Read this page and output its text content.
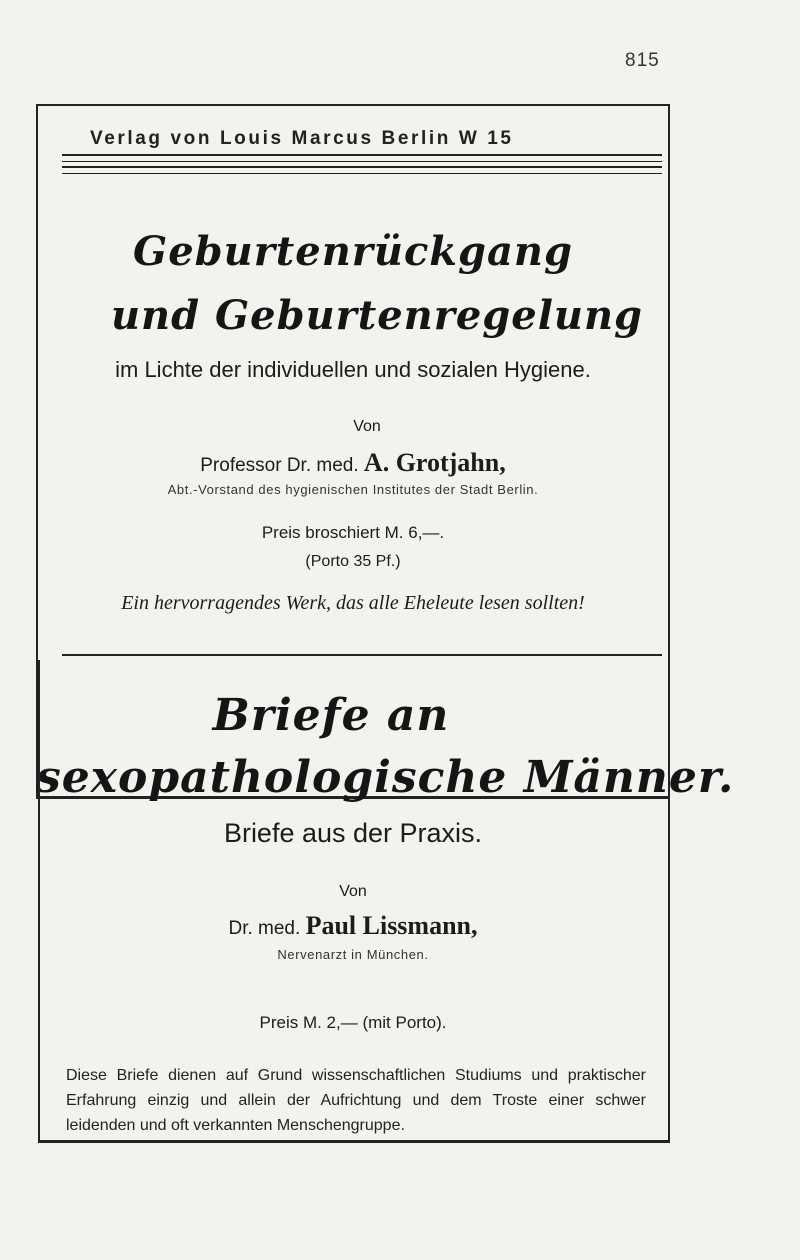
815
Verlag von Louis Marcus Berlin W 15
Geburtenrückgang
und Geburtenregelung
im Lichte der individuellen und sozialen Hygiene.
Von
Professor Dr. med. A. Grotjahn,
Abt.-Vorstand des hygienischen Institutes der Stadt Berlin.
Preis broschiert M. 6,—.
(Porto 35 Pf.)
Ein hervorragendes Werk, das alle Eheleute lesen sollten!
Briefe an
sexopathologische Männer.
Briefe aus der Praxis.
Von
Dr. med. Paul Lissmann,
Nervenarzt in München.
Preis M. 2,— (mit Porto).
Diese Briefe dienen auf Grund wissenschaftlichen Studiums und praktischer Erfahrung einzig und allein der Aufrichtung und dem Troste einer schwer leidenden und oft verkannten Menschengruppe.
